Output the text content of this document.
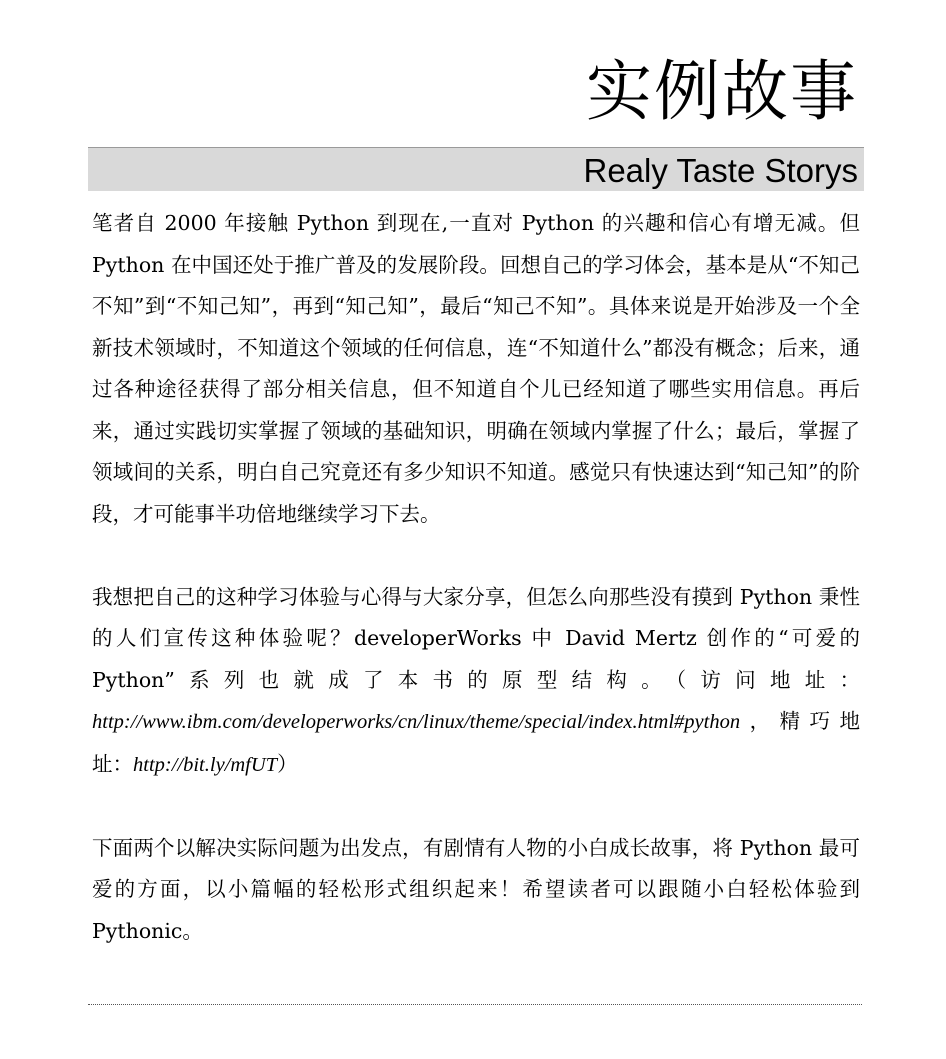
实例故事
Realy Taste Storys

笔者自 2000 年接触 Python 到现在,一直对 Python 的兴趣和信心有增无减。但 Python 在中国还处于推广普及的发展阶段。回想自己的学习体会，基本是从“不知己不知”到“不知己知”，再到“知己知”，最后“知己不知”。具体来说是开始涉及一个全新技术领域时，不知道这个领域的任何信息，连“不知道什么”都没有概念；后来，通过各种途径获得了部分相关信息，但不知道自个儿已经知道了哪些实用信息。再后来，通过实践切实掌握了领域的基础知识，明确在领域内掌握了什么；最后，掌握了领域间的关系，明白自己究竟还有多少知识不知道。感觉只有快速达到“知己知”的阶段，才可能事半功倍地继续学习下去。

我想把自己的这种学习体验与心得与大家分享，但怎么向那些没有摸到 Python 秉性的人们宣传这种体验呢？developerWorks 中 David Mertz 创作的“可爱的 Python”系列也就成了本书的原型结构。（访问地址：http://www.ibm.com/developerworks/cn/linux/theme/special/index.html#python，精巧地址：http://bit.ly/mfUT）

下面两个以解决实际问题为出发点，有剧情有人物的小白成长故事，将 Python 最可爱的方面，以小篇幅的轻松形式组织起来！希望读者可以跟随小白轻松体验到 Pythonic。
